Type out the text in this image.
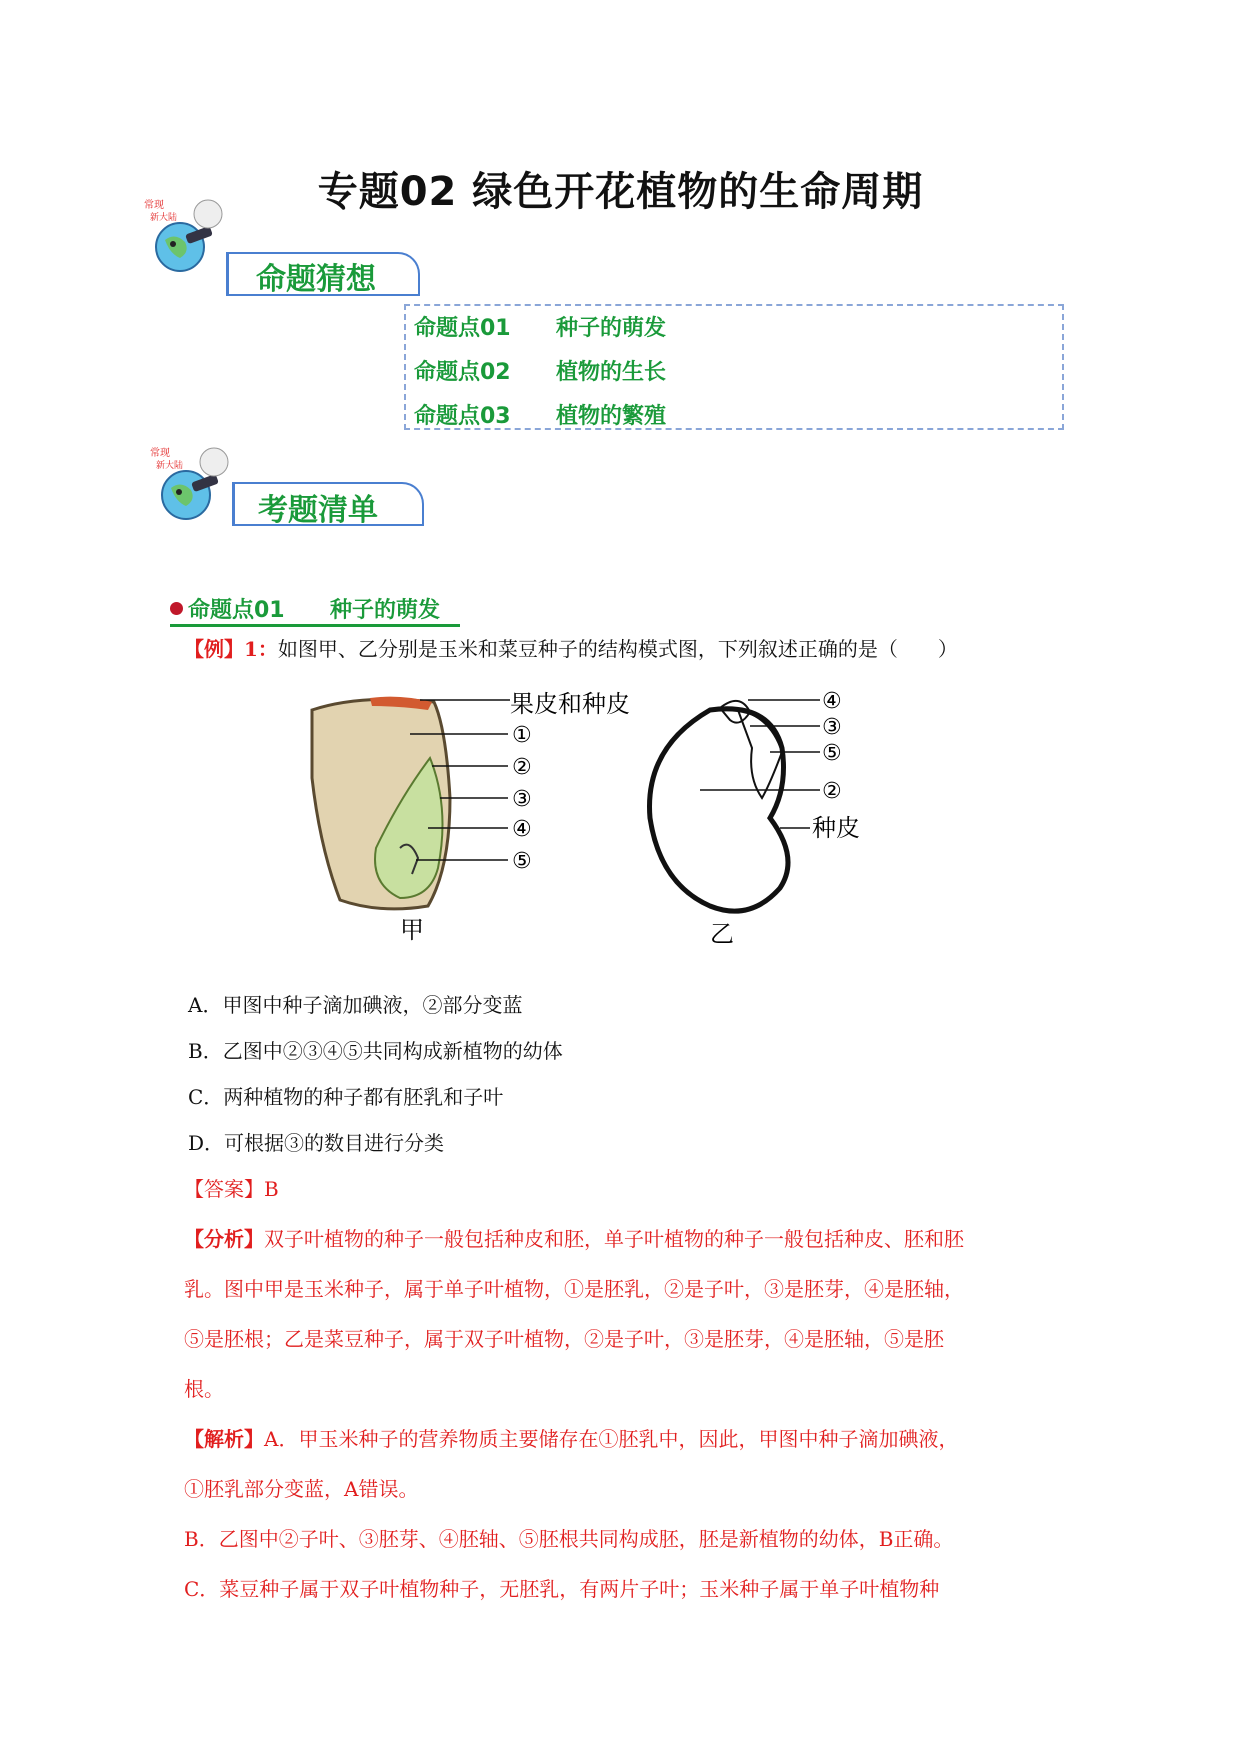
专题02 绿色开花植物的生命周期
常现
新大陆
命题猜想
命题点01 种子的萌发
命题点02 植物的生长
命题点03 植物的繁殖
常现
新大陆
考题清单
命题点01 种子的萌发
【例】1：如图甲、乙分别是玉米和菜豆种子的结构模式图，下列叙述正确的是（　　）
果皮和种皮
①
②
③
④
⑤
甲
④
③
⑤
②
种皮
乙
A．甲图中种子滴加碘液，②部分变蓝
B．乙图中②③④⑤共同构成新植物的幼体
C．两种植物的种子都有胚乳和子叶
D．可根据③的数目进行分类
【答案】B
【分析】双子叶植物的种子一般包括种皮和胚，单子叶植物的种子一般包括种皮、胚和胚
乳。图中甲是玉米种子，属于单子叶植物，①是胚乳，②是子叶，③是胚芽，④是胚轴，
⑤是胚根；乙是菜豆种子，属于双子叶植物，②是子叶，③是胚芽，④是胚轴，⑤是胚
根。
【解析】A．甲玉米种子的营养物质主要储存在①胚乳中，因此，甲图中种子滴加碘液，
①胚乳部分变蓝，A错误。
B．乙图中②子叶、③胚芽、④胚轴、⑤胚根共同构成胚，胚是新植物的幼体，B正确。
C．菜豆种子属于双子叶植物种子，无胚乳，有两片子叶；玉米种子属于单子叶植物种
